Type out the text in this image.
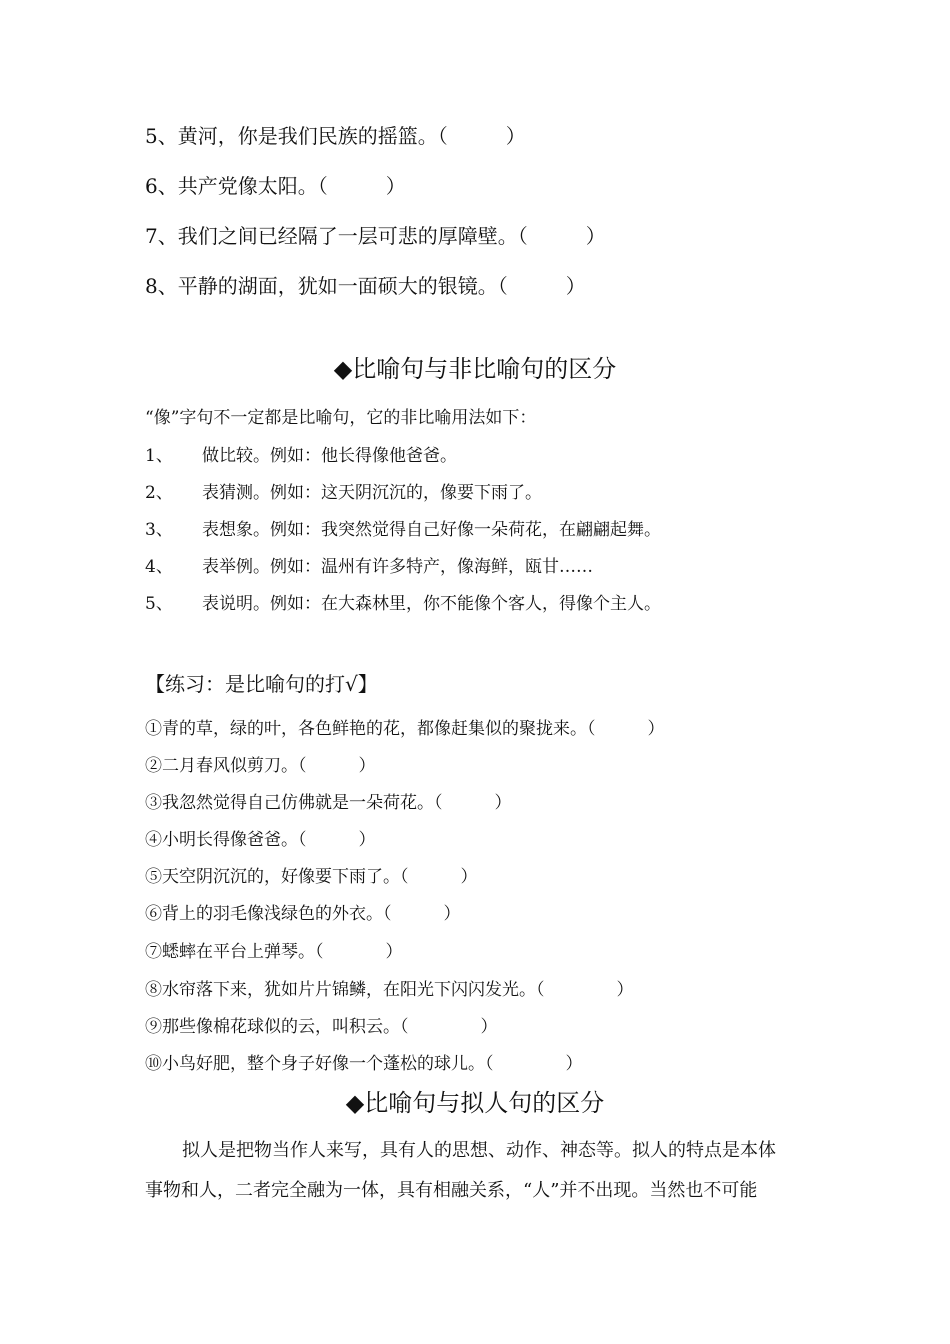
5、黄河，你是我们民族的摇篮。（	）
6、共产党像太阳。（	）
7、我们之间已经隔了一层可悲的厚障壁。（	）
8、平静的湖面，犹如一面硕大的银镜。（	）
◆比喻句与非比喻句的区分
“像”字句不一定都是比喻句，它的非比喻用法如下：
1、 做比较。例如：他长得像他爸爸。
2、 表猜测。例如：这天阴沉沉的，像要下雨了。
3、 表想象。例如：我突然觉得自己好像一朵荷花，在翩翩起舞。
4、 表举例。例如：温州有许多特产，像海鲜，瓯甘……
5、 表说明。例如：在大森林里，你不能像个客人，得像个主人。
【练习：是比喻句的打√】
①青的草，绿的叶，各色鲜艳的花，都像赶集似的聚拢来。（	）
②二月春风似剪刀。（	）
③我忽然觉得自己仿佛就是一朵荷花。（	）
④小明长得像爸爸。（	）
⑤天空阴沉沉的，好像要下雨了。（	）
⑥背上的羽毛像浅绿色的外衣。（	）
⑦蟋蟀在平台上弹琴。（	）
⑧水帘落下来，犹如片片锦鳞，在阳光下闪闪发光。（	）
⑨那些像棉花球似的云，叫积云。（	）
⑩小鸟好肥，整个身子好像一个蓬松的球儿。（	）
◆比喻句与拟人句的区分
拟人是把物当作人来写，具有人的思想、动作、神态等。拟人的特点是本体
事物和人，二者完全融为一体，具有相融关系，“人”并不出现。当然也不可能
